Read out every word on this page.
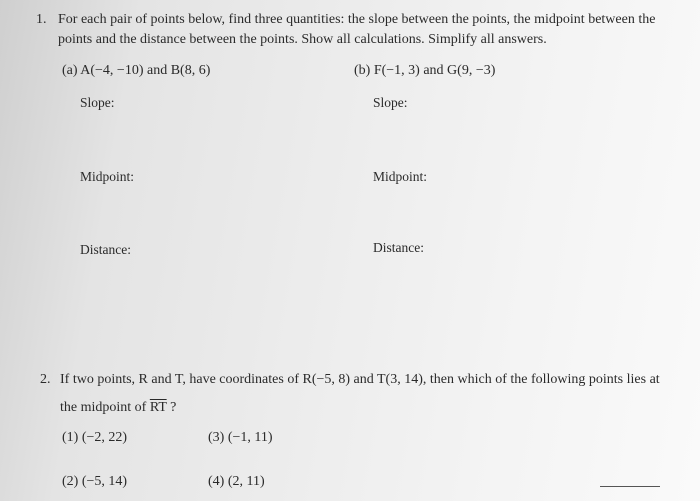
1. For each pair of points below, find three quantities: the slope between the points, the midpoint between the
points and the distance between the points. Show all calculations. Simplify all answers.
(a) A(−4, −10) and B(8, 6)	(b) F(−1, 3) and G(9, −3)
Slope:	Slope:
Midpoint:	Midpoint:
Distance:	Distance:
2. If two points, R and T, have coordinates of R(−5, 8) and T(3, 14), then which of the following points lies at
the midpoint of $\overline{RT}$ ?
(1) (−2, 22)	(3) (−1, 11)
(2) (−5, 14)	(4) (2, 11)
